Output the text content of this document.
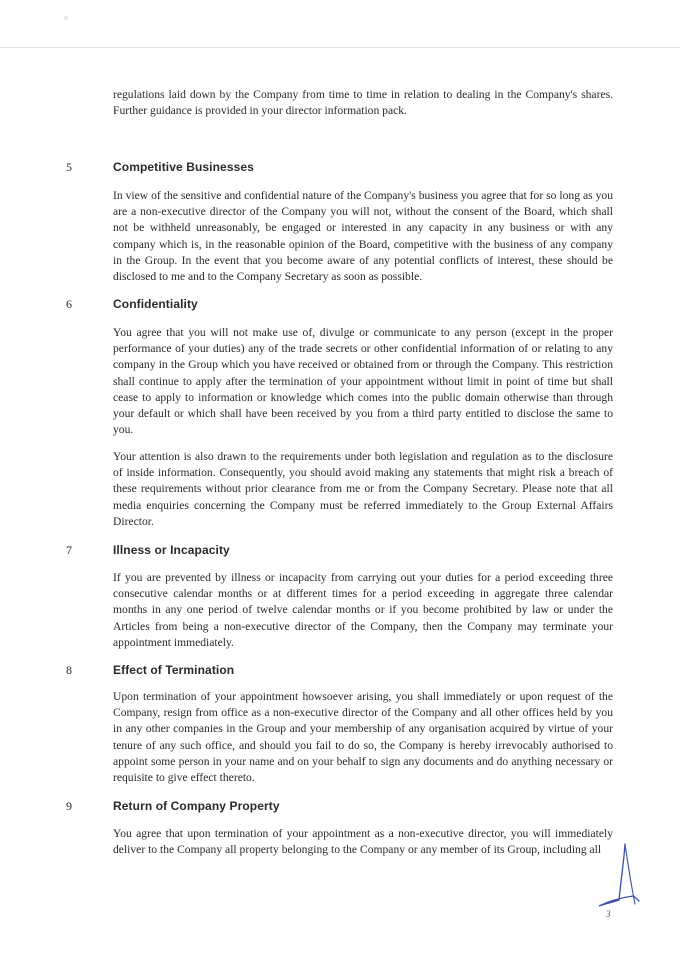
regulations laid down by the Company from time to time in relation to dealing in the Company's shares. Further guidance is provided in your director information pack.

5	Competitive Businesses

In view of the sensitive and confidential nature of the Company's business you agree that for so long as you are a non-executive director of the Company you will not, without the consent of the Board, which shall not be withheld unreasonably, be engaged or interested in any capacity in any business or with any company which is, in the reasonable opinion of the Board, competitive with the business of any company in the Group. In the event that you become aware of any potential conflicts of interest, these should be disclosed to me and to the Company Secretary as soon as possible.

6	Confidentiality

You agree that you will not make use of, divulge or communicate to any person (except in the proper performance of your duties) any of the trade secrets or other confidential information of or relating to any company in the Group which you have received or obtained from or through the Company. This restriction shall continue to apply after the termination of your appointment without limit in point of time but shall cease to apply to information or knowledge which comes into the public domain otherwise than through your default or which shall have been received by you from a third party entitled to disclose the same to you.

Your attention is also drawn to the requirements under both legislation and regulation as to the disclosure of inside information. Consequently, you should avoid making any statements that might risk a breach of these requirements without prior clearance from me or from the Company Secretary. Please note that all media enquiries concerning the Company must be referred immediately to the Group External Affairs Director.

7	Illness or Incapacity

If you are prevented by illness or incapacity from carrying out your duties for a period exceeding three consecutive calendar months or at different times for a period exceeding in aggregate three calendar months in any one period of twelve calendar months or if you become prohibited by law or under the Articles from being a non-executive director of the Company, then the Company may terminate your appointment immediately.

8	Effect of Termination

Upon termination of your appointment howsoever arising, you shall immediately or upon request of the Company, resign from office as a non-executive director of the Company and all other offices held by you in any other companies in the Group and your membership of any organisation acquired by virtue of your tenure of any such office, and should you fail to do so, the Company is hereby irrevocably authorised to appoint some person in your name and on your behalf to sign any documents and do anything necessary or requisite to give effect thereto.

9	Return of Company Property

You agree that upon termination of your appointment as a non-executive director, you will immediately deliver to the Company all property belonging to the Company or any member of its Group, including all

3
